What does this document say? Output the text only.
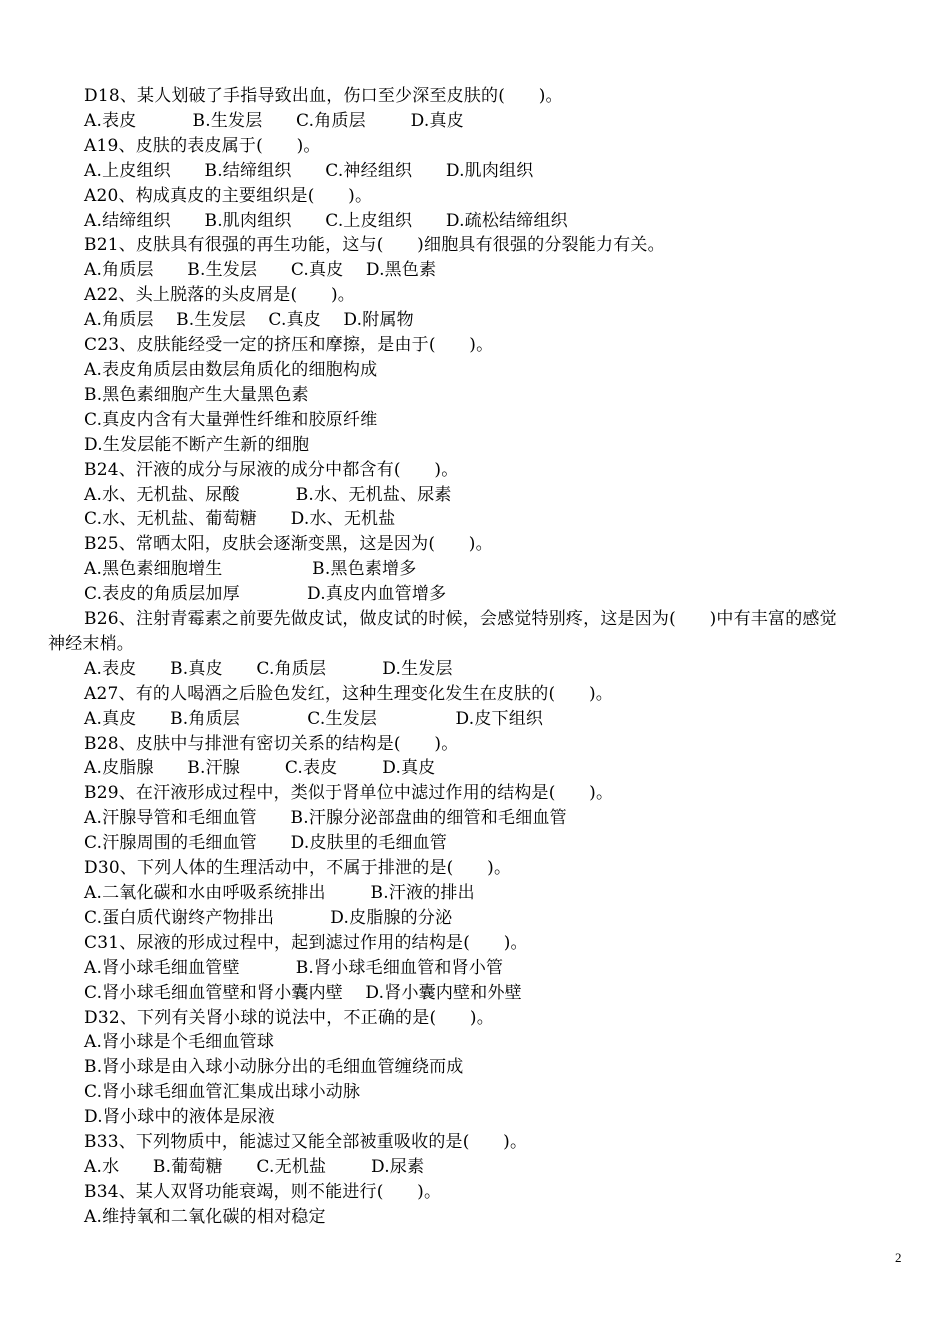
D18、某人划破了手指导致出血，伤口至少深至皮肤的(      )。
A.表皮          B.生发层      C.角质层        D.真皮
A19、皮肤的表皮属于(      )。
A.上皮组织      B.结缔组织      C.神经组织      D.肌肉组织
A20、构成真皮的主要组织是(      )。
A.结缔组织      B.肌肉组织      C.上皮组织      D.疏松结缔组织
B21、皮肤具有很强的再生功能，这与(      )细胞具有很强的分裂能力有关。
A.角质层      B.生发层      C.真皮    D.黑色素
A22、头上脱落的头皮屑是(      )。
A.角质层    B.生发层    C.真皮    D.附属物
C23、皮肤能经受一定的挤压和摩擦，是由于(      )。
A.表皮角质层由数层角质化的细胞构成
B.黑色素细胞产生大量黑色素
C.真皮内含有大量弹性纤维和胶原纤维
D.生发层能不断产生新的细胞
B24、汗液的成分与尿液的成分中都含有(      )。
A.水、无机盐、尿酸          B.水、无机盐、尿素
C.水、无机盐、葡萄糖      D.水、无机盐
B25、常晒太阳，皮肤会逐渐变黑，这是因为(      )。
A.黑色素细胞增生                B.黑色素增多
C.表皮的角质层加厚            D.真皮内血管增多
B26、注射青霉素之前要先做皮试，做皮试的时候，会感觉特别疼，这是因为(      )中有丰富的感觉
神经末梢。
A.表皮      B.真皮      C.角质层          D.生发层
A27、有的人喝酒之后脸色发红，这种生理变化发生在皮肤的(      )。
A.真皮      B.角质层            C.生发层              D.皮下组织
B28、皮肤中与排泄有密切关系的结构是(      )。
A.皮脂腺      B.汗腺        C.表皮        D.真皮
B29、在汗液形成过程中，类似于肾单位中滤过作用的结构是(      )。
A.汗腺导管和毛细血管      B.汗腺分泌部盘曲的细管和毛细血管
C.汗腺周围的毛细血管      D.皮肤里的毛细血管
D30、下列人体的生理活动中，不属于排泄的是(      )。
A.二氧化碳和水由呼吸系统排出        B.汗液的排出
C.蛋白质代谢终产物排出          D.皮脂腺的分泌
C31、尿液的形成过程中，起到滤过作用的结构是(      )。
A.肾小球毛细血管壁          B.肾小球毛细血管和肾小管
C.肾小球毛细血管壁和肾小囊内壁    D.肾小囊内壁和外壁
D32、下列有关肾小球的说法中，不正确的是(      )。
A.肾小球是个毛细血管球
B.肾小球是由入球小动脉分出的毛细血管缠绕而成
C.肾小球毛细血管汇集成出球小动脉
D.肾小球中的液体是尿液
B33、下列物质中，能滤过又能全部被重吸收的是(      )。
A.水      B.葡萄糖      C.无机盐        D.尿素
B34、某人双肾功能衰竭，则不能进行(      )。
A.维持氧和二氧化碳的相对稳定
2
